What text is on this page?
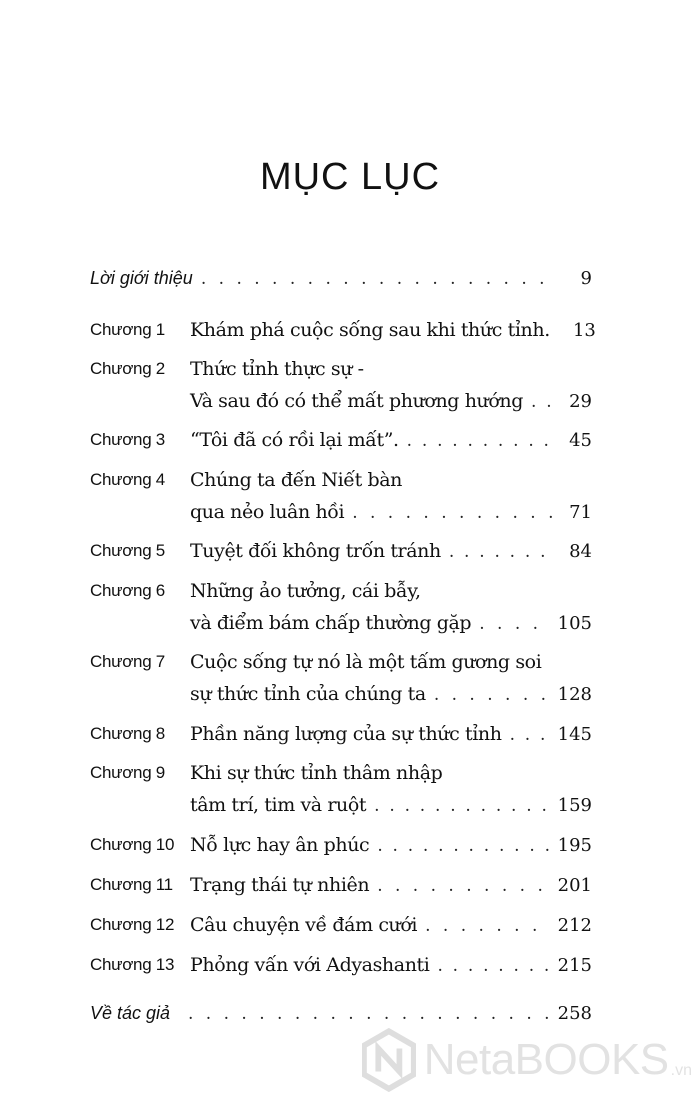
MỤC LỤC
Lời giới thiệu . . .	9
Chương 1 Khám phá cuộc sống sau khi thức tỉnh.	13
Chương 2 Thức tỉnh thực sự -
Và sau đó có thể mất phương hướng . . .	29
Chương 3 “Tôi đã có rồi lại mất”. . . .	45
Chương 4 Chúng ta đến Niết bàn
qua nẻo luân hồi . . .	71
Chương 5 Tuyệt đối không trốn tránh . . .	84
Chương 6 Những ảo tưởng, cái bẫy,
và điểm bám chấp thường gặp . . .	105
Chương 7 Cuộc sống tự nó là một tấm gương soi
sự thức tỉnh của chúng ta . . .	128
Chương 8 Phần năng lượng của sự thức tỉnh . . .	145
Chương 9 Khi sự thức tỉnh thâm nhập
tâm trí, tim và ruột . . .	159
Chương 10 Nỗ lực hay ân phúc . . .	195
Chương 11 Trạng thái tự nhiên . . .	201
Chương 12 Câu chuyện về đám cưới . . .	212
Chương 13 Phỏng vấn với Adyashanti . . .	215
Về tác giả . . .	258
NetaBOOKS .vn
